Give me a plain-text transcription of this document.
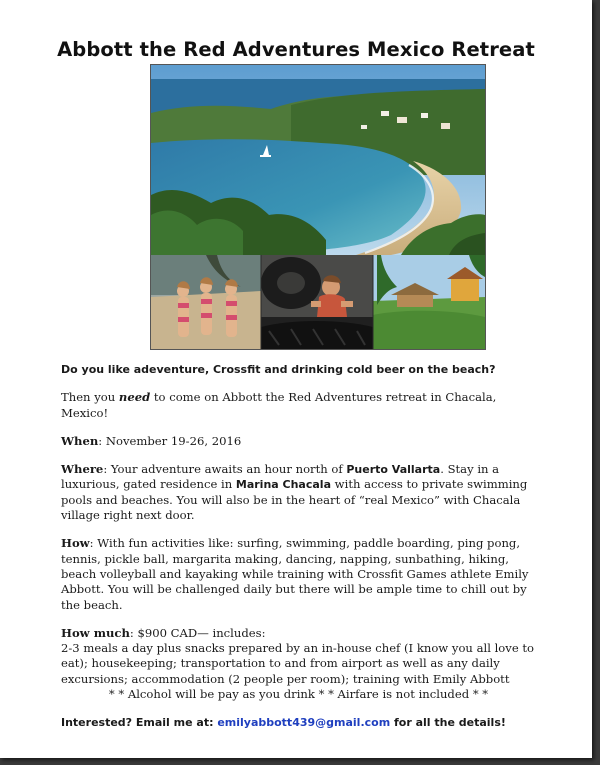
Abbott the Red Adventures Mexico Retreat

Do you like adeventure, Crossfit and drinking cold beer on the beach?

Then you need to come on Abbott the Red Adventures retreat in Chacala, Mexico!

When: November 19-26, 2016

Where: Your adventure awaits an hour north of Puerto Vallarta. Stay in a luxurious, gated residence in Marina Chacala with access to private swimming pools and beaches. You will also be in the heart of “real Mexico” with Chacala village right next door.

How: With fun activities like: surfing, swimming, paddle boarding, ping pong, tennis, pickle ball, margarita making, dancing, napping, sunbathing, hiking, beach volleyball and kayaking while training with Crossfit Games athlete Emily Abbott. You will be challenged daily but there will be ample time to chill out by the beach.

How much: $900 CAD— includes:
2-3 meals a day plus snacks prepared by an in-house chef (I know you all love to eat); housekeeping; transportation to and from airport as well as any daily excursions; accommodation (2 people per room); training with Emily Abbott

* * Alcohol will be pay as you drink * * Airfare is not included * *

Interested? Email me at: emilyabbott439@gmail.com for all the details!
